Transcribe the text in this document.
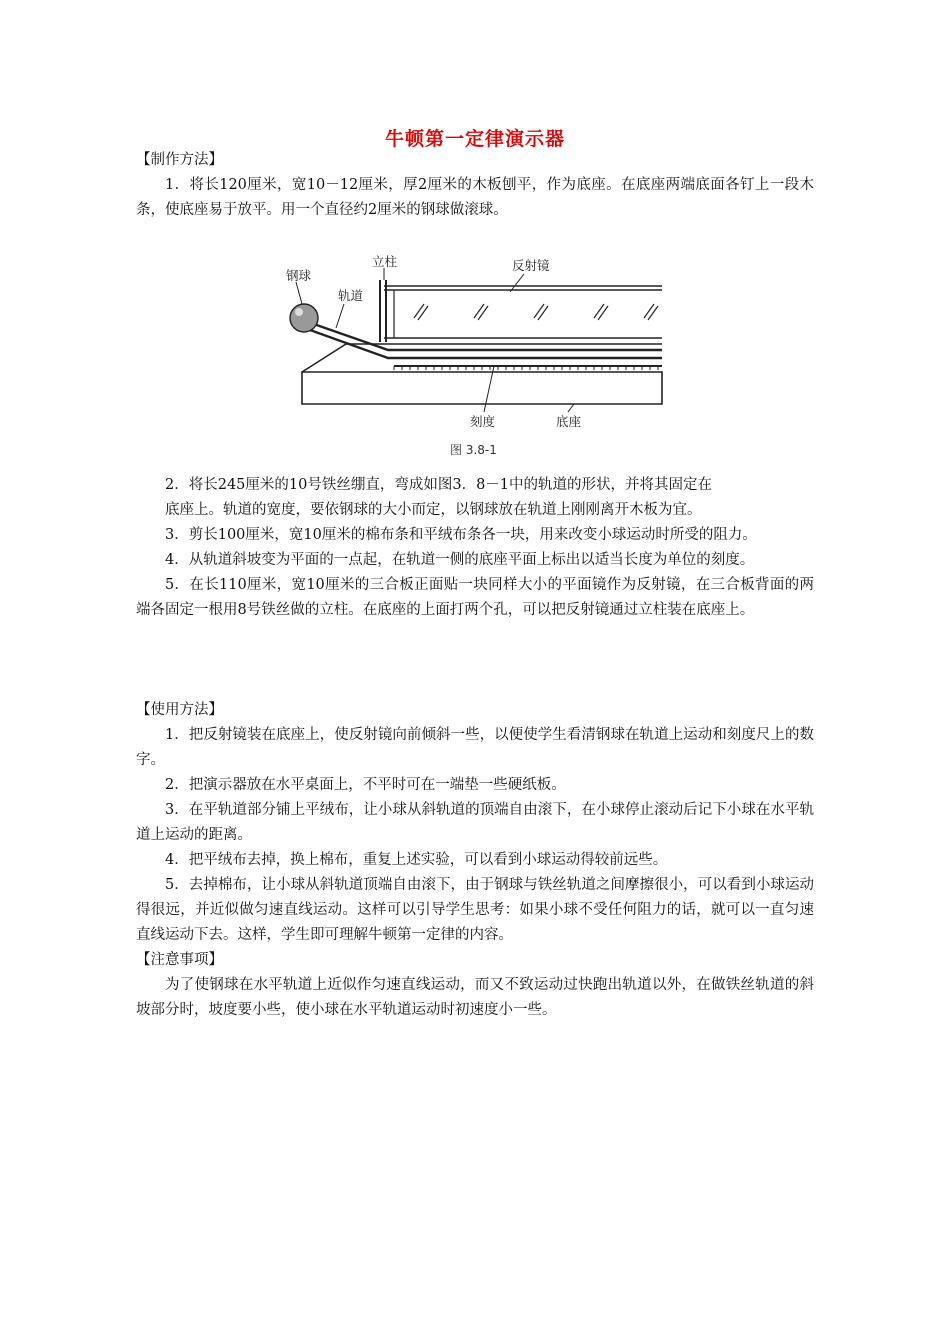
牛顿第一定律演示器
【制作方法】

1．将长120厘米，宽10－12厘米，厚2厘米的木板刨平，作为底座。在底座两端底面各钉上一段木条，使底座易于放平。用一个直径约2厘米的钢球做滚球。

钢球
轨道
立柱	反射镜
刻度	底座
图 3.8-1

2．将长245厘米的10号铁丝绷直，弯成如图3．8－1中的轨道的形状，并将其固定在

底座上。轨道的宽度，要依钢球的大小而定，以钢球放在轨道上刚刚离开木板为宜。

3．剪长100厘米，宽10厘米的棉布条和平绒布条各一块，用来改变小球运动时所受的阻力。

4．从轨道斜坡变为平面的一点起，在轨道一侧的底座平面上标出以适当长度为单位的刻度。

5．在长110厘米，宽10厘米的三合板正面贴一块同样大小的平面镜作为反射镜，在三合板背面的两端各固定一根用8号铁丝做的立柱。在底座的上面打两个孔，可以把反射镜通过立柱装在底座上。

【使用方法】

1．把反射镜装在底座上，使反射镜向前倾斜一些，以便使学生看清钢球在轨道上运动和刻度尺上的数字。

2．把演示器放在水平桌面上，不平时可在一端垫一些硬纸板。

3．在平轨道部分铺上平绒布，让小球从斜轨道的顶端自由滚下，在小球停止滚动后记下小球在水平轨道上运动的距离。

4．把平绒布去掉，换上棉布，重复上述实验，可以看到小球运动得较前远些。

5．去掉棉布，让小球从斜轨道顶端自由滚下，由于钢球与铁丝轨道之间摩擦很小，可以看到小球运动得很远，并近似做匀速直线运动。这样可以引导学生思考：如果小球不受任何阻力的话，就可以一直匀速直线运动下去。这样，学生即可理解牛顿第一定律的内容。

【注意事项】

为了使钢球在水平轨道上近似作匀速直线运动，而又不致运动过快跑出轨道以外，在做铁丝轨道的斜坡部分时，坡度要小些，使小球在水平轨道运动时初速度小一些。
